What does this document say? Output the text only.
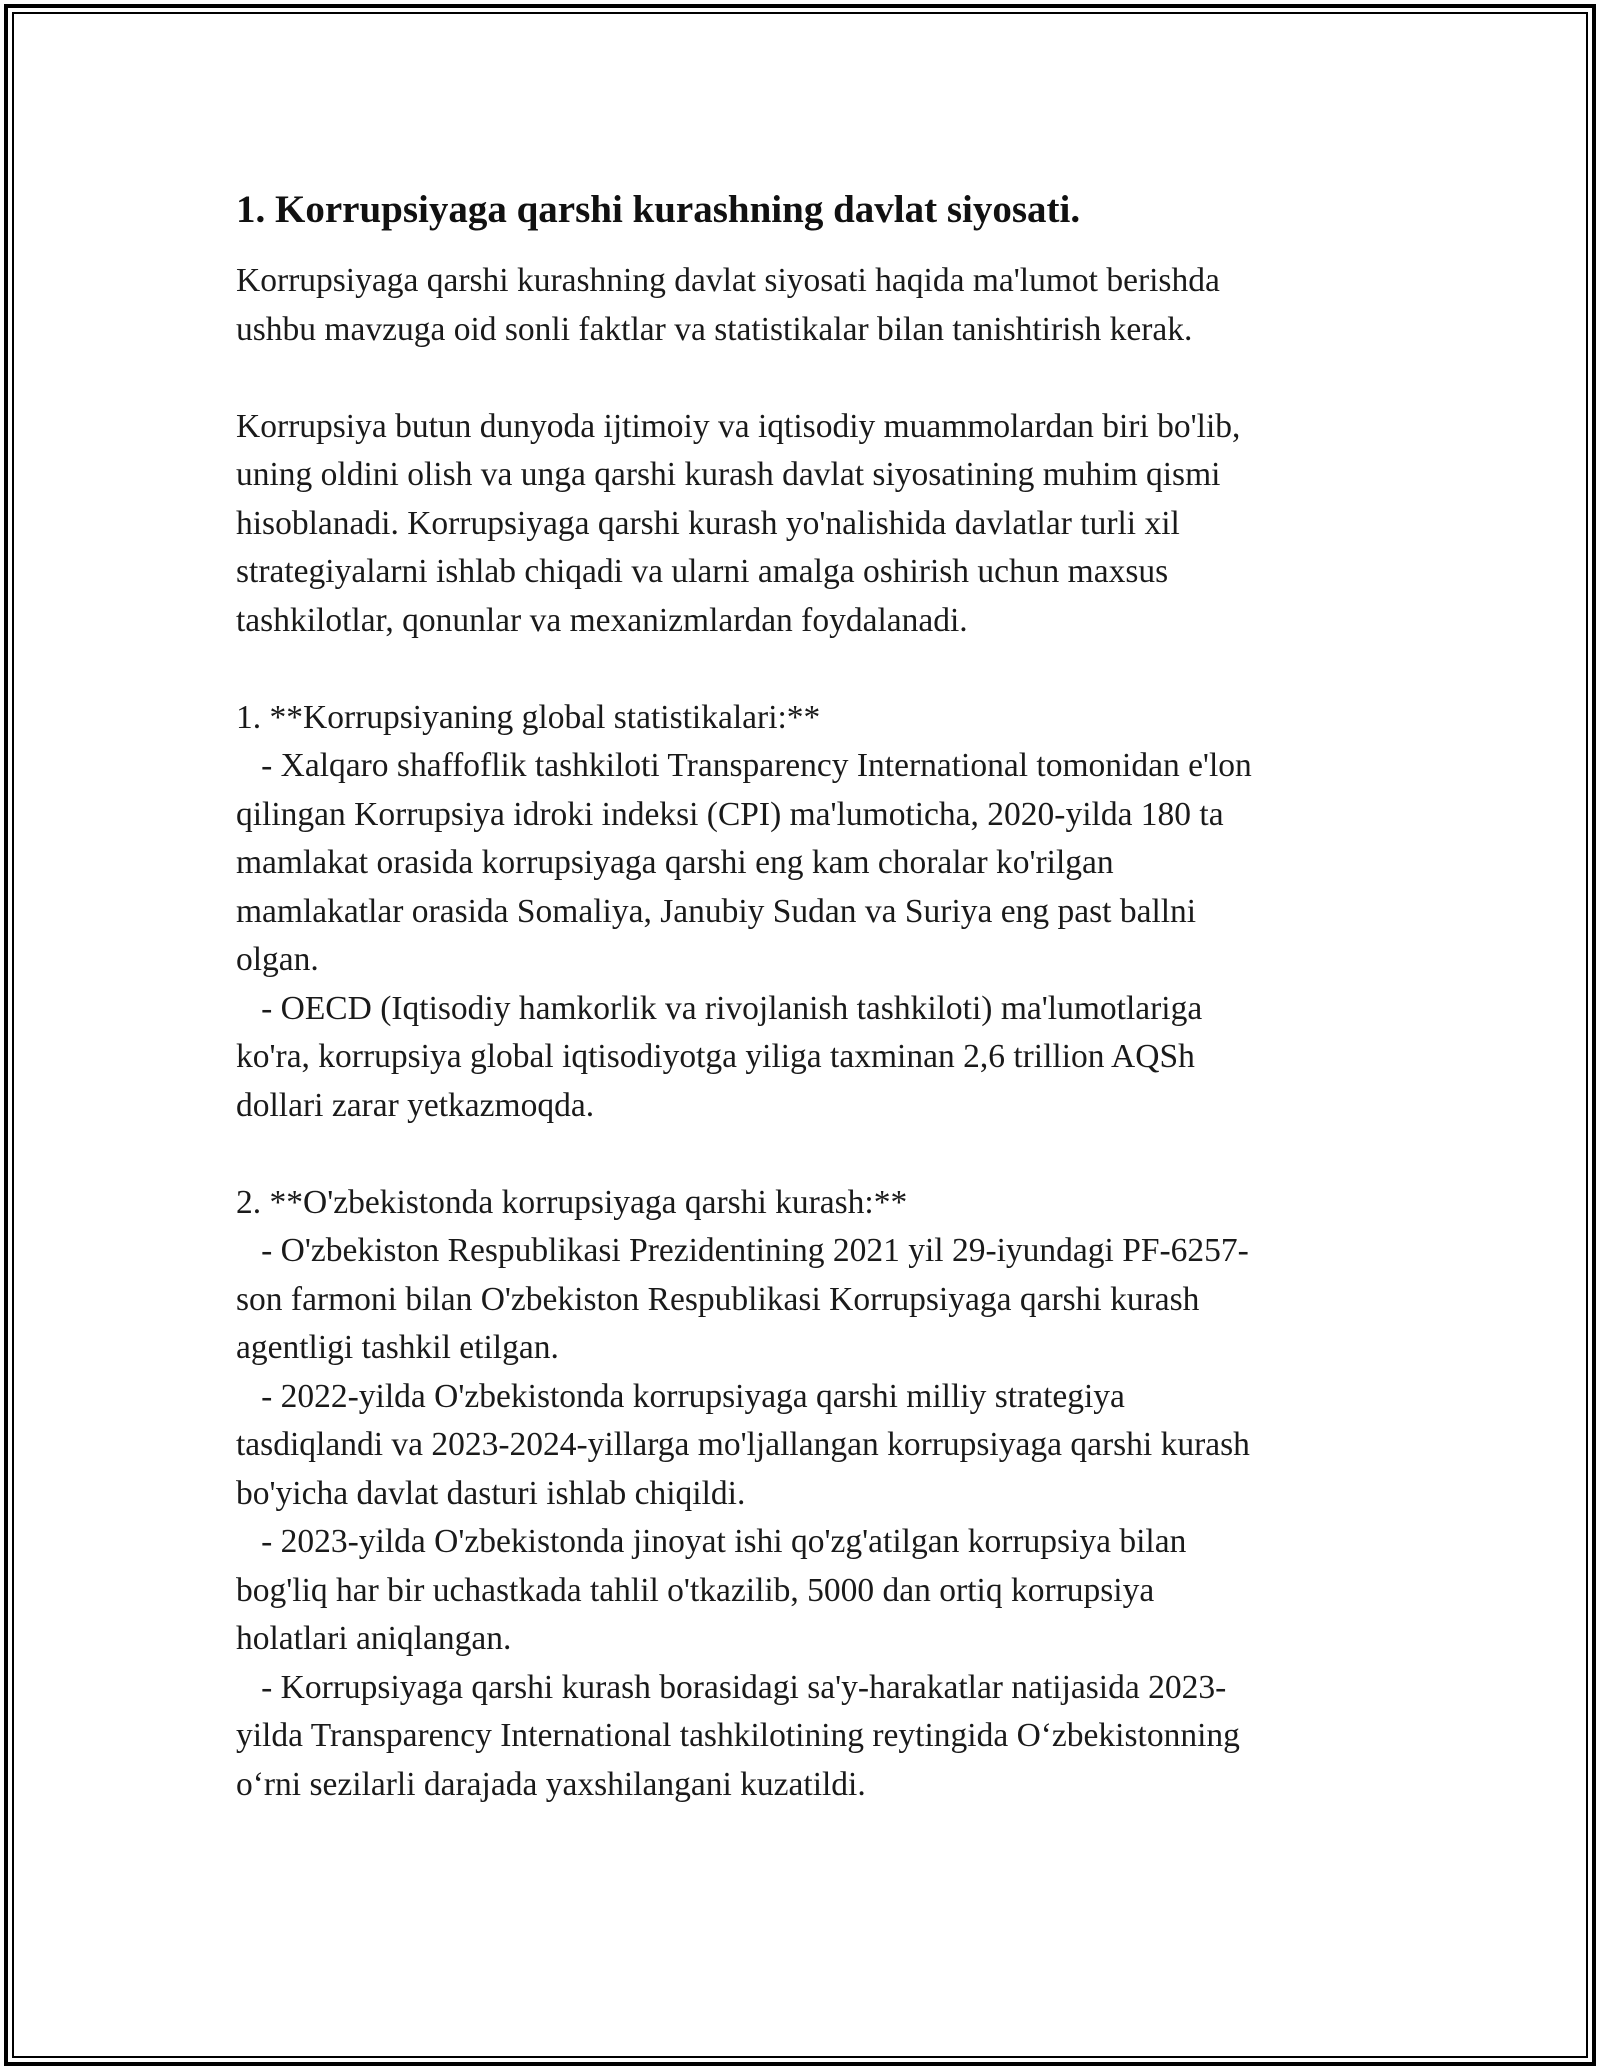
1. Korrupsiyaga qarshi kurashning davlat siyosati.
Korrupsiyaga qarshi kurashning davlat siyosati haqida ma'lumot berishda
ushbu mavzuga oid sonli faktlar va statistikalar bilan tanishtirish kerak.
Korrupsiya butun dunyoda ijtimoiy va iqtisodiy muammolardan biri bo'lib,
uning oldini olish va unga qarshi kurash davlat siyosatining muhim qismi
hisoblanadi. Korrupsiyaga qarshi kurash yo'nalishida davlatlar turli xil
strategiyalarni ishlab chiqadi va ularni amalga oshirish uchun maxsus
tashkilotlar, qonunlar va mexanizmlardan foydalanadi.
1. **Korrupsiyaning global statistikalari:**
- Xalqaro shaffoflik tashkiloti Transparency International tomonidan e'lon
qilingan Korrupsiya idroki indeksi (CPI) ma'lumoticha, 2020-yilda 180 ta
mamlakat orasida korrupsiyaga qarshi eng kam choralar ko'rilgan
mamlakatlar orasida Somaliya, Janubiy Sudan va Suriya eng past ballni
olgan.
- OECD (Iqtisodiy hamkorlik va rivojlanish tashkiloti) ma'lumotlariga
ko'ra, korrupsiya global iqtisodiyotga yiliga taxminan 2,6 trillion AQSh
dollari zarar yetkazmoqda.
2. **O'zbekistonda korrupsiyaga qarshi kurash:**
- O'zbekiston Respublikasi Prezidentining 2021 yil 29-iyundagi PF-6257-
son farmoni bilan O'zbekiston Respublikasi Korrupsiyaga qarshi kurash
agentligi tashkil etilgan.
- 2022-yilda O'zbekistonda korrupsiyaga qarshi milliy strategiya
tasdiqlandi va 2023-2024-yillarga mo'ljallangan korrupsiyaga qarshi kurash
bo'yicha davlat dasturi ishlab chiqildi.
- 2023-yilda O'zbekistonda jinoyat ishi qo'zg'atilgan korrupsiya bilan
bog'liq har bir uchastkada tahlil o'tkazilib, 5000 dan ortiq korrupsiya
holatlari aniqlangan.
- Korrupsiyaga qarshi kurash borasidagi sa'y-harakatlar natijasida 2023-
yilda Transparency International tashkilotining reytingida Oʻzbekistonning
oʻrni sezilarli darajada yaxshilangani kuzatildi.
